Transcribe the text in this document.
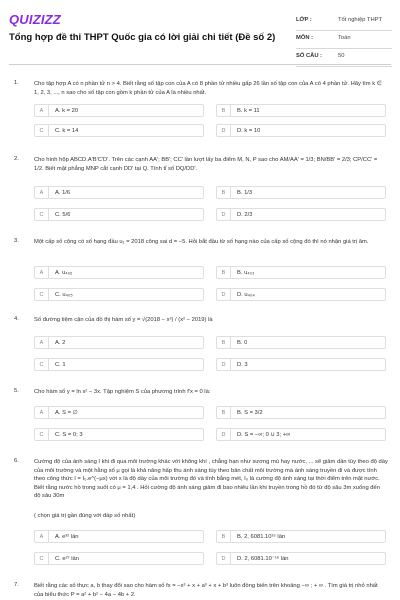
QUIZIZZ
Tổng hợp đề thi THPT Quốc gia có lời giải chi tiết (Đề số 2)
LỚP :	Tốt nghiệp THPT
MÔN :	Toán
SỐ CÂU :	50
1.	Cho tập hợp A có n phần tử n > 4. Biết rằng số tập con của A có 8 phần tử nhiều gấp 26 lần số tập con của A có 4 phần tử. Hãy tìm k ∈ 1, 2, 3, ..., n sao cho số tập con gồm k phần tử của A là nhiều nhất.
A	A. k = 20	B	B. k = 11
C	C. k = 14	D	D. k = 10
2.	Cho hình hộp ABCD.A'B'C'D'. Trên các cạnh AA'; BB'; CC' lần lượt lấy ba điểm M, N, P sao cho AM/AA' = 1/3; BN/BB' = 2/3; CP/CC' = 1/2. Biết mặt phẳng MNP cắt cạnh DD' tại Q. Tính tỉ số DQ/DD'.
A	A. 1/6	B	B. 1/3
C	C. 5/6	D	D. 2/3
3.	Một cấp số cộng có số hạng đầu u₁ = 2018 công sai d = −5. Hỏi bắt đầu từ số hạng nào của cấp số cộng đó thì nó nhận giá trị âm.
A	A. u₄₀₆	B	B. u₄₀₃
C	C. u₄₀₅	D	D. u₄₀₄
4.	Số đường tiệm cận của đồ thị hàm số y = √(2018 − x²) / (x² − 2019) là
A	A. 2	B	B. 0
C	C. 1	D	D. 3
5.	Cho hàm số y = ln x² − 3x. Tập nghiệm S của phương trình f'x = 0 là:
A	A. S = ∅	B	B. S = 3/2
C	C. S = 0; 3	D	D. S = −∞; 0 ∪ 3; +∞
6.	Cường độ của ánh sáng I khi đi qua môi trường khác với không khí , chẳng hạn như sương mù hay nước, ... sẽ giảm dần tùy theo độ dày của môi trường và một hằng số μ gọi là khả năng hấp thu ánh sáng tùy theo bản chất môi trường mà ánh sáng truyền đi và được tính theo công thức I = I₀.e^(−μx) với x là độ dày của môi trường đó và tính bằng mét, I₀ là cường độ ánh sáng tại thời điểm trên mặt nước. Biết rằng nước hồ trong suốt có μ = 1,4 . Hỏi cường độ ánh sáng giảm đi bao nhiêu lần khi truyền trong hồ đó từ độ sâu 3m xuống đến độ sâu 30m
( chọn giá trị gần đúng với đáp số nhất)
A	A. e³² lần	B	B. 2, 6081.10¹⁶ lần
C	C. e²⁷ lần	D	D. 2, 6081.10⁻¹⁶ lần
7.	Biết rằng các số thực a, b thay đổi sao cho hàm số fx = −x³ + x + a³ + x + b³ luôn đồng biến trên khoảng −∞ ; + ∞ . Tìm giá trị nhỏ nhất của biểu thức P = a² + b² − 4a − 4b + 2.
